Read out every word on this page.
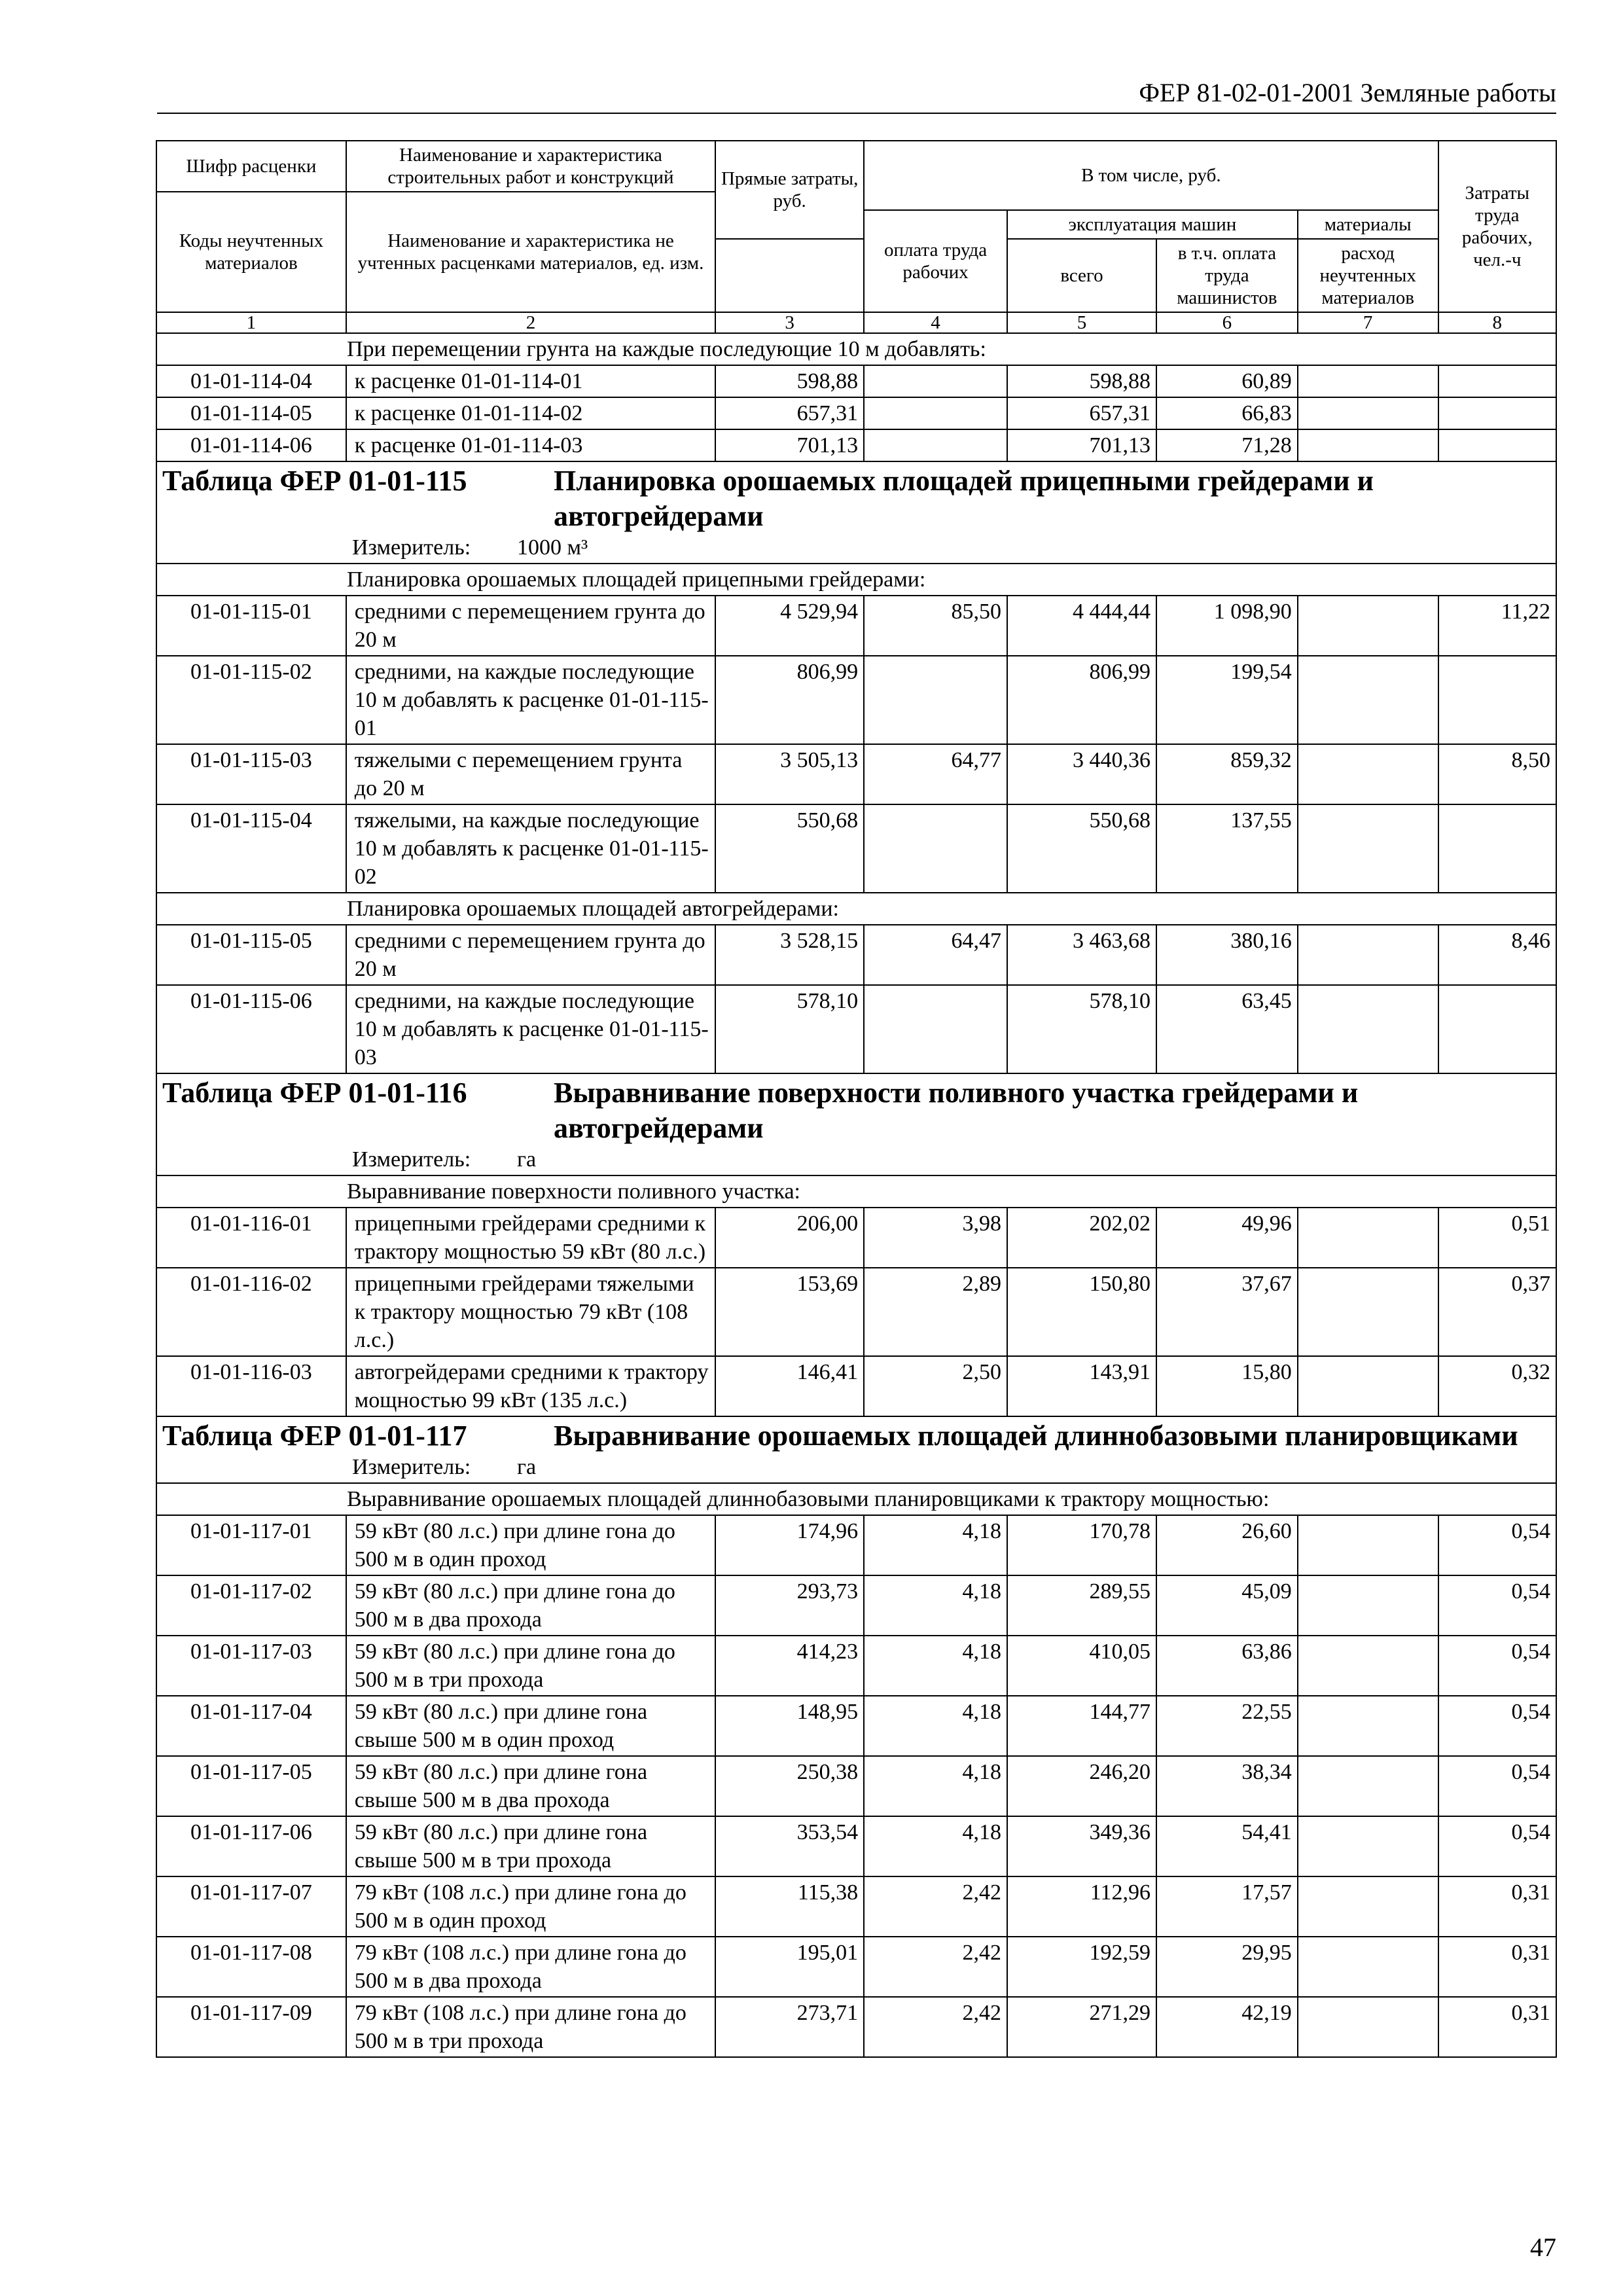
ФЕР 81-02-01-2001 Земляные работы
Шифр расценки	Наименование и характеристика строительных работ и конструкций	Прямые затраты, руб.	В том числе, руб.				Затраты труда рабочих, чел.-ч
Коды неучтенных материалов	Наименование и характеристика не учтенных расценками материалов, ед. изм.						
			оплата труда рабочих	эксплуатация машин		материалы	
				всего	в т.ч. оплата труда машинистов	расход неучтенных материалов	
1	2	3	4	5	6	7	8
При перемещении грунта на каждые последующие 10 м добавлять:							
01-01-114-04	к расценке 01-01-114-01	598,88		598,88	60,89		
01-01-114-05	к расценке 01-01-114-02	657,31		657,31	66,83		
01-01-114-06	к расценке 01-01-114-03	701,13		701,13	71,28		

Таблица ФЕР 01-01-115 Планировка орошаемых площадей прицепными грейдерами и автогрейдерами
Измеритель: 1000 м³							

Планировка орошаемых площадей прицепными грейдерами:							
01-01-115-01	средними с перемещением грунта до 20 м	4 529,94	85,50	4 444,44	1 098,90		11,22
01-01-115-02	средними, на каждые последующие 10 м добавлять к расценке 01-01-115-01	806,99		806,99	199,54		
01-01-115-03	тяжелыми с перемещением грунта до 20 м	3 505,13	64,77	3 440,36	859,32		8,50
01-01-115-04	тяжелыми, на каждые последующие 10 м добавлять к расценке 01-01-115-02	550,68		550,68	137,55		
Планировка орошаемых площадей автогрейдерами:							
01-01-115-05	средними с перемещением грунта до 20 м	3 528,15	64,47	3 463,68	380,16		8,46
01-01-115-06	средними, на каждые последующие 10 м добавлять к расценке 01-01-115-03	578,10		578,10	63,45		

Таблица ФЕР 01-01-116 Выравнивание поверхности поливного участка грейдерами и автогрейдерами
Измеритель: га							

Выравнивание поверхности поливного участка:							
01-01-116-01	прицепными грейдерами средними к трактору мощностью 59 кВт (80 л.с.)	206,00	3,98	202,02	49,96		0,51
01-01-116-02	прицепными грейдерами тяжелыми к трактору мощностью 79 кВт (108 л.с.)	153,69	2,89	150,80	37,67		0,37
01-01-116-03	автогрейдерами средними к трактору мощностью 99 кВт (135 л.с.)	146,41	2,50	143,91	15,80		0,32

Таблица ФЕР 01-01-117 Выравнивание орошаемых площадей длиннобазовыми планировщиками
Измеритель: га							

Выравнивание орошаемых площадей длиннобазовыми планировщиками к трактору мощностью:							
01-01-117-01	59 кВт (80 л.с.) при длине гона до 500 м в один проход	174,96	4,18	170,78	26,60		0,54
01-01-117-02	59 кВт (80 л.с.) при длине гона до 500 м в два прохода	293,73	4,18	289,55	45,09		0,54
01-01-117-03	59 кВт (80 л.с.) при длине гона до 500 м в три прохода	414,23	4,18	410,05	63,86		0,54
01-01-117-04	59 кВт (80 л.с.) при длине гона свыше 500 м в один проход	148,95	4,18	144,77	22,55		0,54
01-01-117-05	59 кВт (80 л.с.) при длине гона свыше 500 м в два прохода	250,38	4,18	246,20	38,34		0,54
01-01-117-06	59 кВт (80 л.с.) при длине гона свыше 500 м в три прохода	353,54	4,18	349,36	54,41		0,54
01-01-117-07	79 кВт (108 л.с.) при длине гона до 500 м в один проход	115,38	2,42	112,96	17,57		0,31
01-01-117-08	79 кВт (108 л.с.) при длине гона до 500 м в два прохода	195,01	2,42	192,59	29,95		0,31
01-01-117-09	79 кВт (108 л.с.) при длине гона до 500 м в три прохода	273,71	2,42	271,29	42,19		0,31
47
